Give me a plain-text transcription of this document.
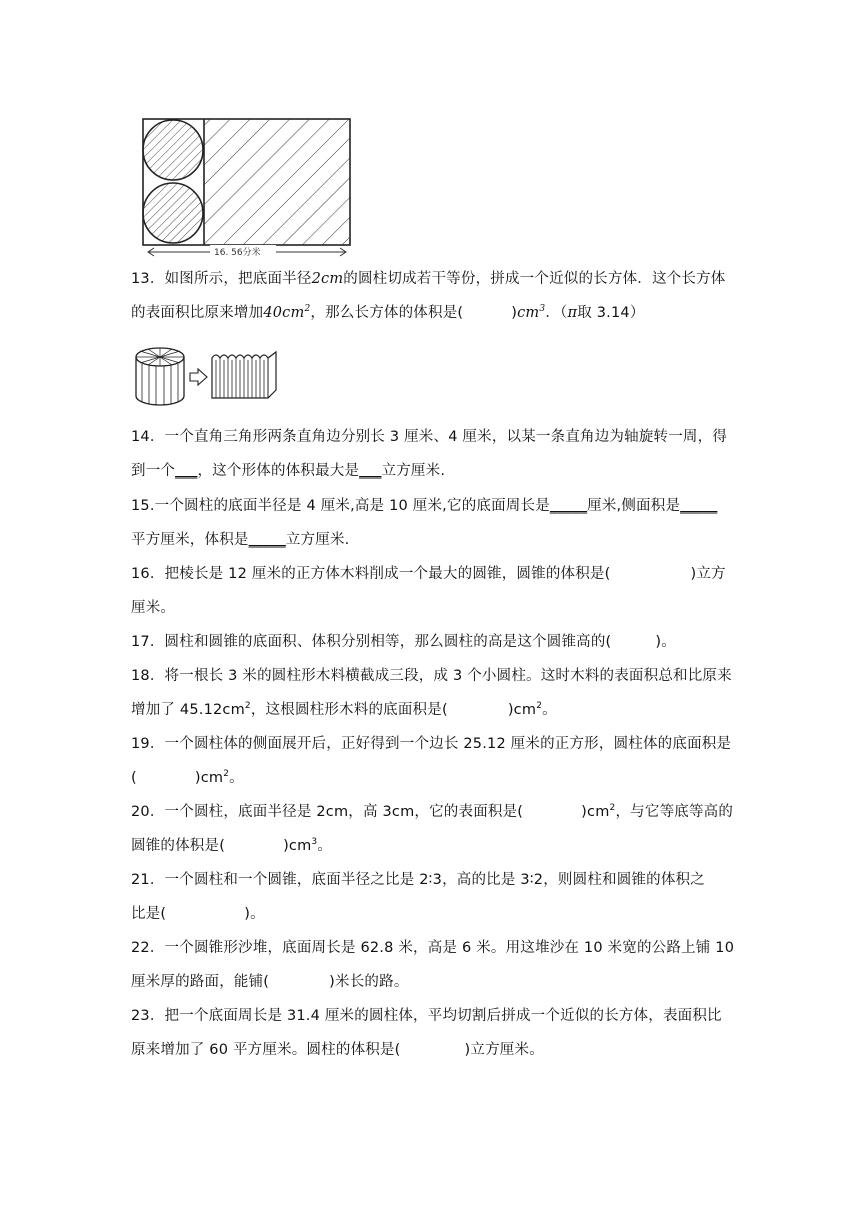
16. 56分米
13．如图所示，把底面半径2cm的圆柱切成若干等份，拼成一个近似的长方体．这个长方体
的表面积比原来增加$40cm^2$，那么长方体的体积是(	)$cm^3$．（π取 3.14）
14．一个直角三角形两条直角边分别长 3 厘米、4 厘米，以某一条直角边为轴旋转一周，得
到一个___，这个形体的体积最大是___立方厘米.
15.一个圆柱的底面半径是 4 厘米,高是 10 厘米,它的底面周长是_____厘米,侧面积是_____
平方厘米，体积是_____立方厘米.
16．把棱长是 12 厘米的正方体木料削成一个最大的圆锥，圆锥的体积是(	)立方
厘米。
17．圆柱和圆锥的底面积、体积分别相等，那么圆柱的高是这个圆锥高的(	)。
18．将一根长 3 米的圆柱形木料横截成三段，成 3 个小圆柱。这时木料的表面积总和比原来
增加了 $45.12cm^2$，这根圆柱形木料的底面积是(	)$cm^2$。
19．一个圆柱体的侧面展开后，正好得到一个边长 25.12 厘米的正方形，圆柱体的底面积是
(	)$cm^2$。
20．一个圆柱，底面半径是 2cm，高 3cm，它的表面积是(	)$cm^2$，与它等底等高的
圆锥的体积是(	)$cm^3$。
21．一个圆柱和一个圆锥，底面半径之比是 2∶3，高的比是 3∶2，则圆柱和圆锥的体积之
比是(	)。
22．一个圆锥形沙堆，底面周长是 62.8 米，高是 6 米。用这堆沙在 10 米宽的公路上铺 10
厘米厚的路面，能铺(	)米长的路。
23．把一个底面周长是 31.4 厘米的圆柱体，平均切割后拼成一个近似的长方体，表面积比
原来增加了 60 平方厘米。圆柱的体积是(	)立方厘米。
